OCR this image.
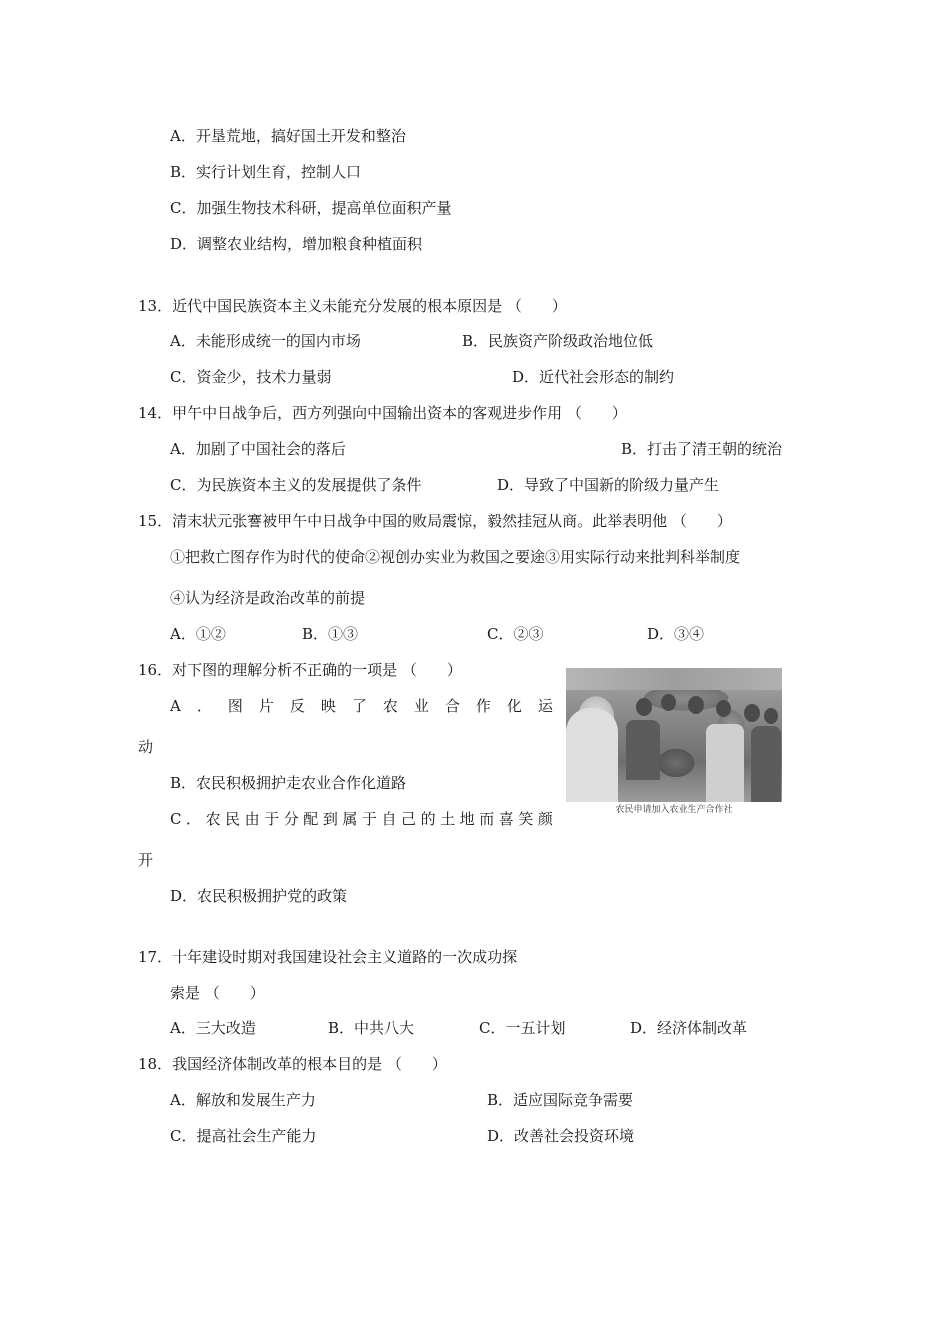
A．开垦荒地，搞好国土开发和整治
B．实行计划生育，控制人口
C．加强生物技术科研，提高单位面积产量
D．调整农业结构，增加粮食种植面积
13．近代中国民族资本主义未能充分发展的根本原因是 （　　）
A．未能形成统一的国内市场	B．民族资产阶级政治地位低
C．资金少，技术力量弱	D．近代社会形态的制约
14．甲午中日战争后，西方列强向中国输出资本的客观进步作用 （　　）
A．加剧了中国社会的落后	B．打击了清王朝的统治
C．为民族资本主义的发展提供了条件	D．导致了中国新的阶级力量产生
15．清末状元张謇被甲午中日战争中国的败局震惊，毅然挂冠从商。此举表明他 （　　）
①把救亡图存作为时代的使命②视创办实业为救国之要途③用实际行动来批判科举制度
④认为经济是政治改革的前提
A．①②	B．①③	C．②③	D．③④
16．对下图的理解分析不正确的一项是 （　　）
A ． 图 片 反 映 了 农 业 合 作 化 运
动
B．农民积极拥护走农业合作化道路
C ． 农 民 由 于 分 配 到 属 于 自 己 的 土 地 而 喜 笑 颜
开
D．农民积极拥护党的政策
农民申请加入农业生产合作社
17．十年建设时期对我国建设社会主义道路的一次成功探
索是 （　　）
A．三大改造	B．中共八大	C．一五计划	D．经济体制改革
18．我国经济体制改革的根本目的是 （　　）
A．解放和发展生产力	B．适应国际竞争需要
C．提高社会生产能力	D．改善社会投资环境
